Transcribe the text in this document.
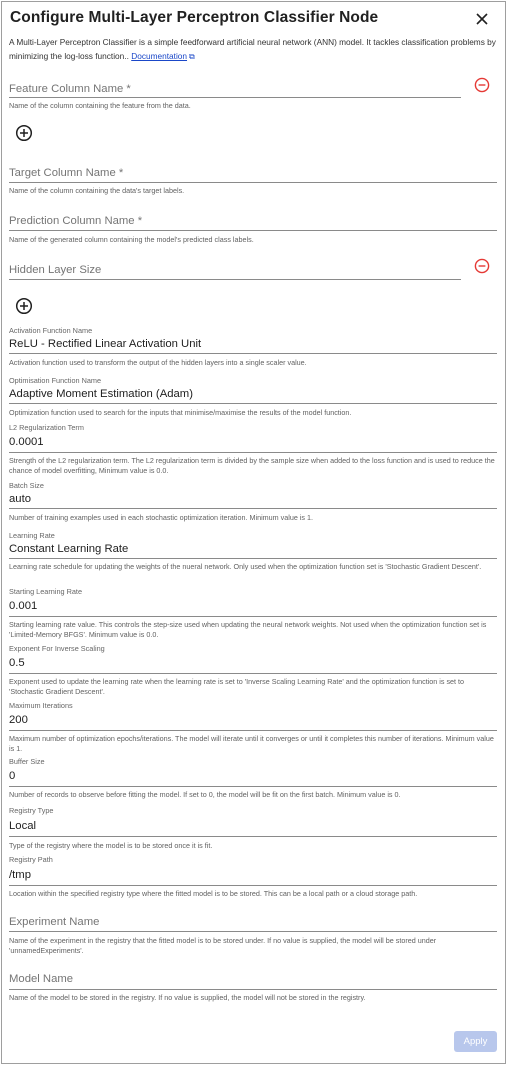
Configure Multi-Layer Perceptron Classifier Node
A Multi-Layer Perceptron Classifier is a simple feedforward artificial neural network (ANN) model. It tackles classification problems by minimizing the log-loss function.. Documentation ⧉
Feature Column Name *
Name of the column containing the feature from the data.
Target Column Name *
Name of the column containing the data's target labels.
Prediction Column Name *
Name of the generated column containing the model's predicted class labels.
Hidden Layer Size
Activation Function Name
ReLU - Rectified Linear Activation Unit
Activation function used to transform the output of the hidden layers into a single scaler value.
Optimisation Function Name
Adaptive Moment Estimation (Adam)
Optimization function used to search for the inputs that minimise/maximise the results of the model function.
L2 Regularization Term
0.0001
Strength of the L2 regularization term. The L2 regularization term is divided by the sample size when added to the loss function and is used to reduce the chance of model overfitting, Minimum value is 0.0.
Batch Size
auto
Number of training examples used in each stochastic optimization iteration. Minimum value is 1.
Learning Rate
Constant Learning Rate
Learning rate schedule for updating the weights of the nueral network. Only used when the optimization function set is 'Stochastic Gradient Descent'.
Starting Learning Rate
0.001
Starting learning rate value. This controls the step-size used when updating the neural network weights. Not used when the optimization function set is 'Limited-Memory BFGS'. Minimum value is 0.0.
Exponent For Inverse Scaling
0.5
Exponent used to update the learning rate when the learning rate is set to 'Inverse Scaling Learning Rate' and the optimization function is set to 'Stochastic Gradient Descent'.
Maximum Iterations
200
Maximum number of optimization epochs/iterations. The model will iterate until it converges or until it completes this number of iterations. Minimum value is 1.
Buffer Size
0
Number of records to observe before fitting the model. If set to 0, the model will be fit on the first batch. Minimum value is 0.
Registry Type
Local
Type of the registry where the model is to be stored once it is fit.
Registry Path
/tmp
Location within the specified registry type where the fitted model is to be stored. This can be a local path or a cloud storage path.
Experiment Name
Name of the experiment in the registry that the fitted model is to be stored under. If no value is supplied, the model will be stored under 'unnamedExperiments'.
Model Name
Name of the model to be stored in the registry. If no value is supplied, the model will not be stored in the registry.
Apply
